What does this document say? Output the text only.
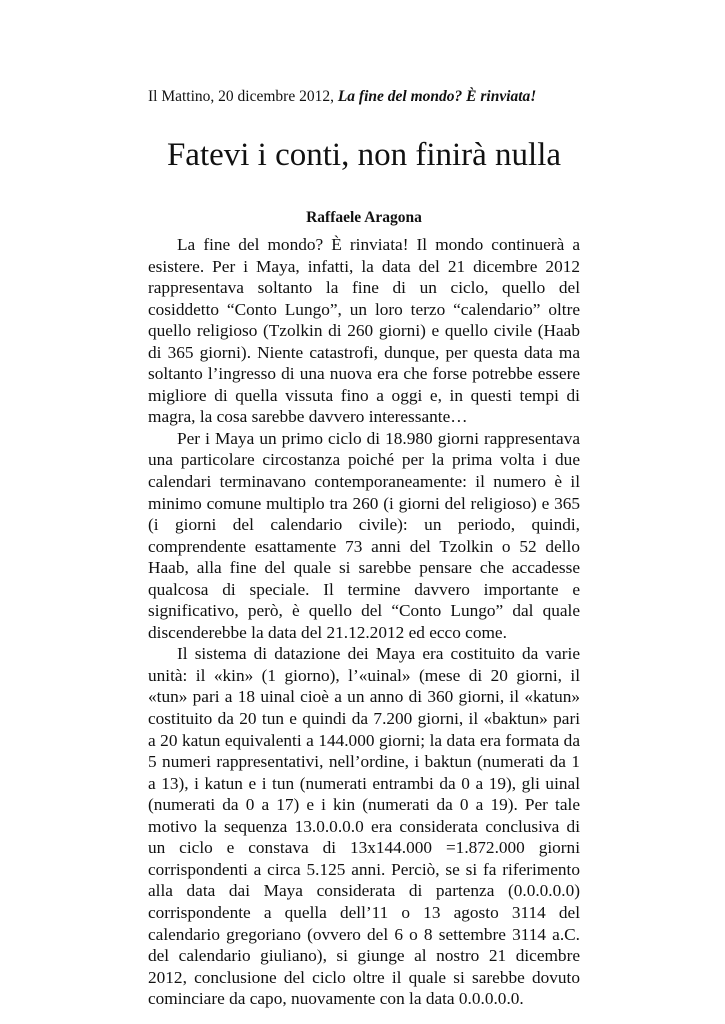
Il Mattino, 20 dicembre 2012, La fine del mondo? È rinviata!
Fatevi i conti, non finirà nulla
Raffaele Aragona

La fine del mondo? È rinviata! Il mondo continuerà a esistere. Per i Maya, infatti, la data del 21 dicembre 2012 rappresentava soltanto la fine di un ciclo, quello del cosiddetto “Conto Lungo”, un loro terzo “calendario” oltre quello religioso (Tzolkin di 260 giorni) e quello civile (Haab di 365 giorni). Niente catastrofi, dunque, per questa data ma soltanto l’ingresso di una nuova era che forse potrebbe essere migliore di quella vissuta fino a oggi e, in questi tempi di magra, la cosa sarebbe davvero interessante…

Per i Maya un primo ciclo di 18.980 giorni rappresentava una particolare circostanza poiché per la prima volta i due calendari terminavano contemporaneamente: il numero è il minimo comune multiplo tra 260 (i giorni del religioso) e 365 (i giorni del calendario civile): un periodo, quindi, comprendente esattamente 73 anni del Tzolkin o 52 dello Haab, alla fine del quale si sarebbe pensare che accadesse qualcosa di speciale. Il termine davvero importante e significativo, però, è quello del “Conto Lungo” dal quale discenderebbe la data del 21.12.2012 ed ecco come.

Il sistema di datazione dei Maya era costituito da varie unità: il «kin» (1 giorno), l’«uinal» (mese di 20 giorni, il «tun» pari a 18 uinal cioè a un anno di 360 giorni, il «katun» costituito da 20 tun e quindi da 7.200 giorni, il «baktun» pari a 20 katun equivalenti a 144.000 giorni; la data era formata da 5 numeri rappresentativi, nell’ordine, i baktun (numerati da 1 a 13), i katun e i tun (numerati entrambi da 0 a 19), gli uinal (numerati da 0 a 17) e i kin (numerati da 0 a 19). Per tale motivo la sequenza 13.0.0.0.0 era considerata conclusiva di un ciclo e constava di 13x144.000 =1.872.000 giorni corrispondenti a circa 5.125 anni. Perciò, se si fa riferimento alla data dai Maya considerata di partenza (0.0.0.0.0) corrispondente a quella dell’11 o 13 agosto 3114 del calendario gregoriano (ovvero del 6 o 8 settembre 3114 a.C. del calendario giuliano), si giunge al nostro 21 dicembre 2012, conclusione del ciclo oltre il quale si sarebbe dovuto cominciare da capo, nuovamente con la data 0.0.0.0.0.
